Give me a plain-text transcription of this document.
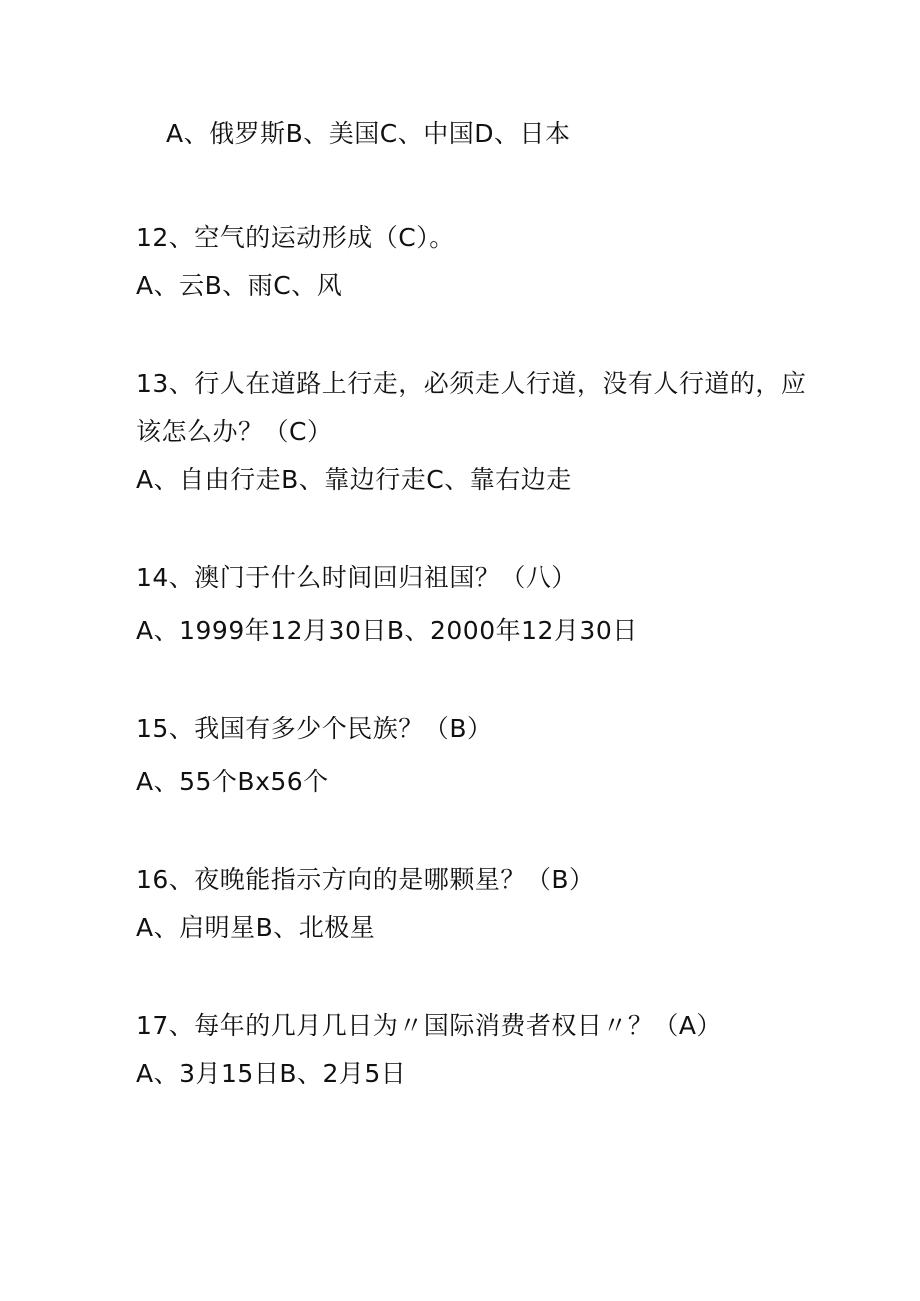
A、俄罗斯B、美国C、中国D、日本
12、空气的运动形成（C）。
A、云B、雨C、风
13、行人在道路上行走，必须走人行道，没有人行道的，应
该怎么办？（C）
A、自由行走B、靠边行走C、靠右边走
14、澳门于什么时间回归祖国？（八）
A、1999年12月30日B、2000年12月30日
15、我国有多少个民族？（B）
A、55个Bx56个
16、夜晚能指示方向的是哪颗星？（B）
A、启明星B、北极星
17、每年的几月几日为〃国际消费者权日〃？（A）
A、3月15日B、2月5日
